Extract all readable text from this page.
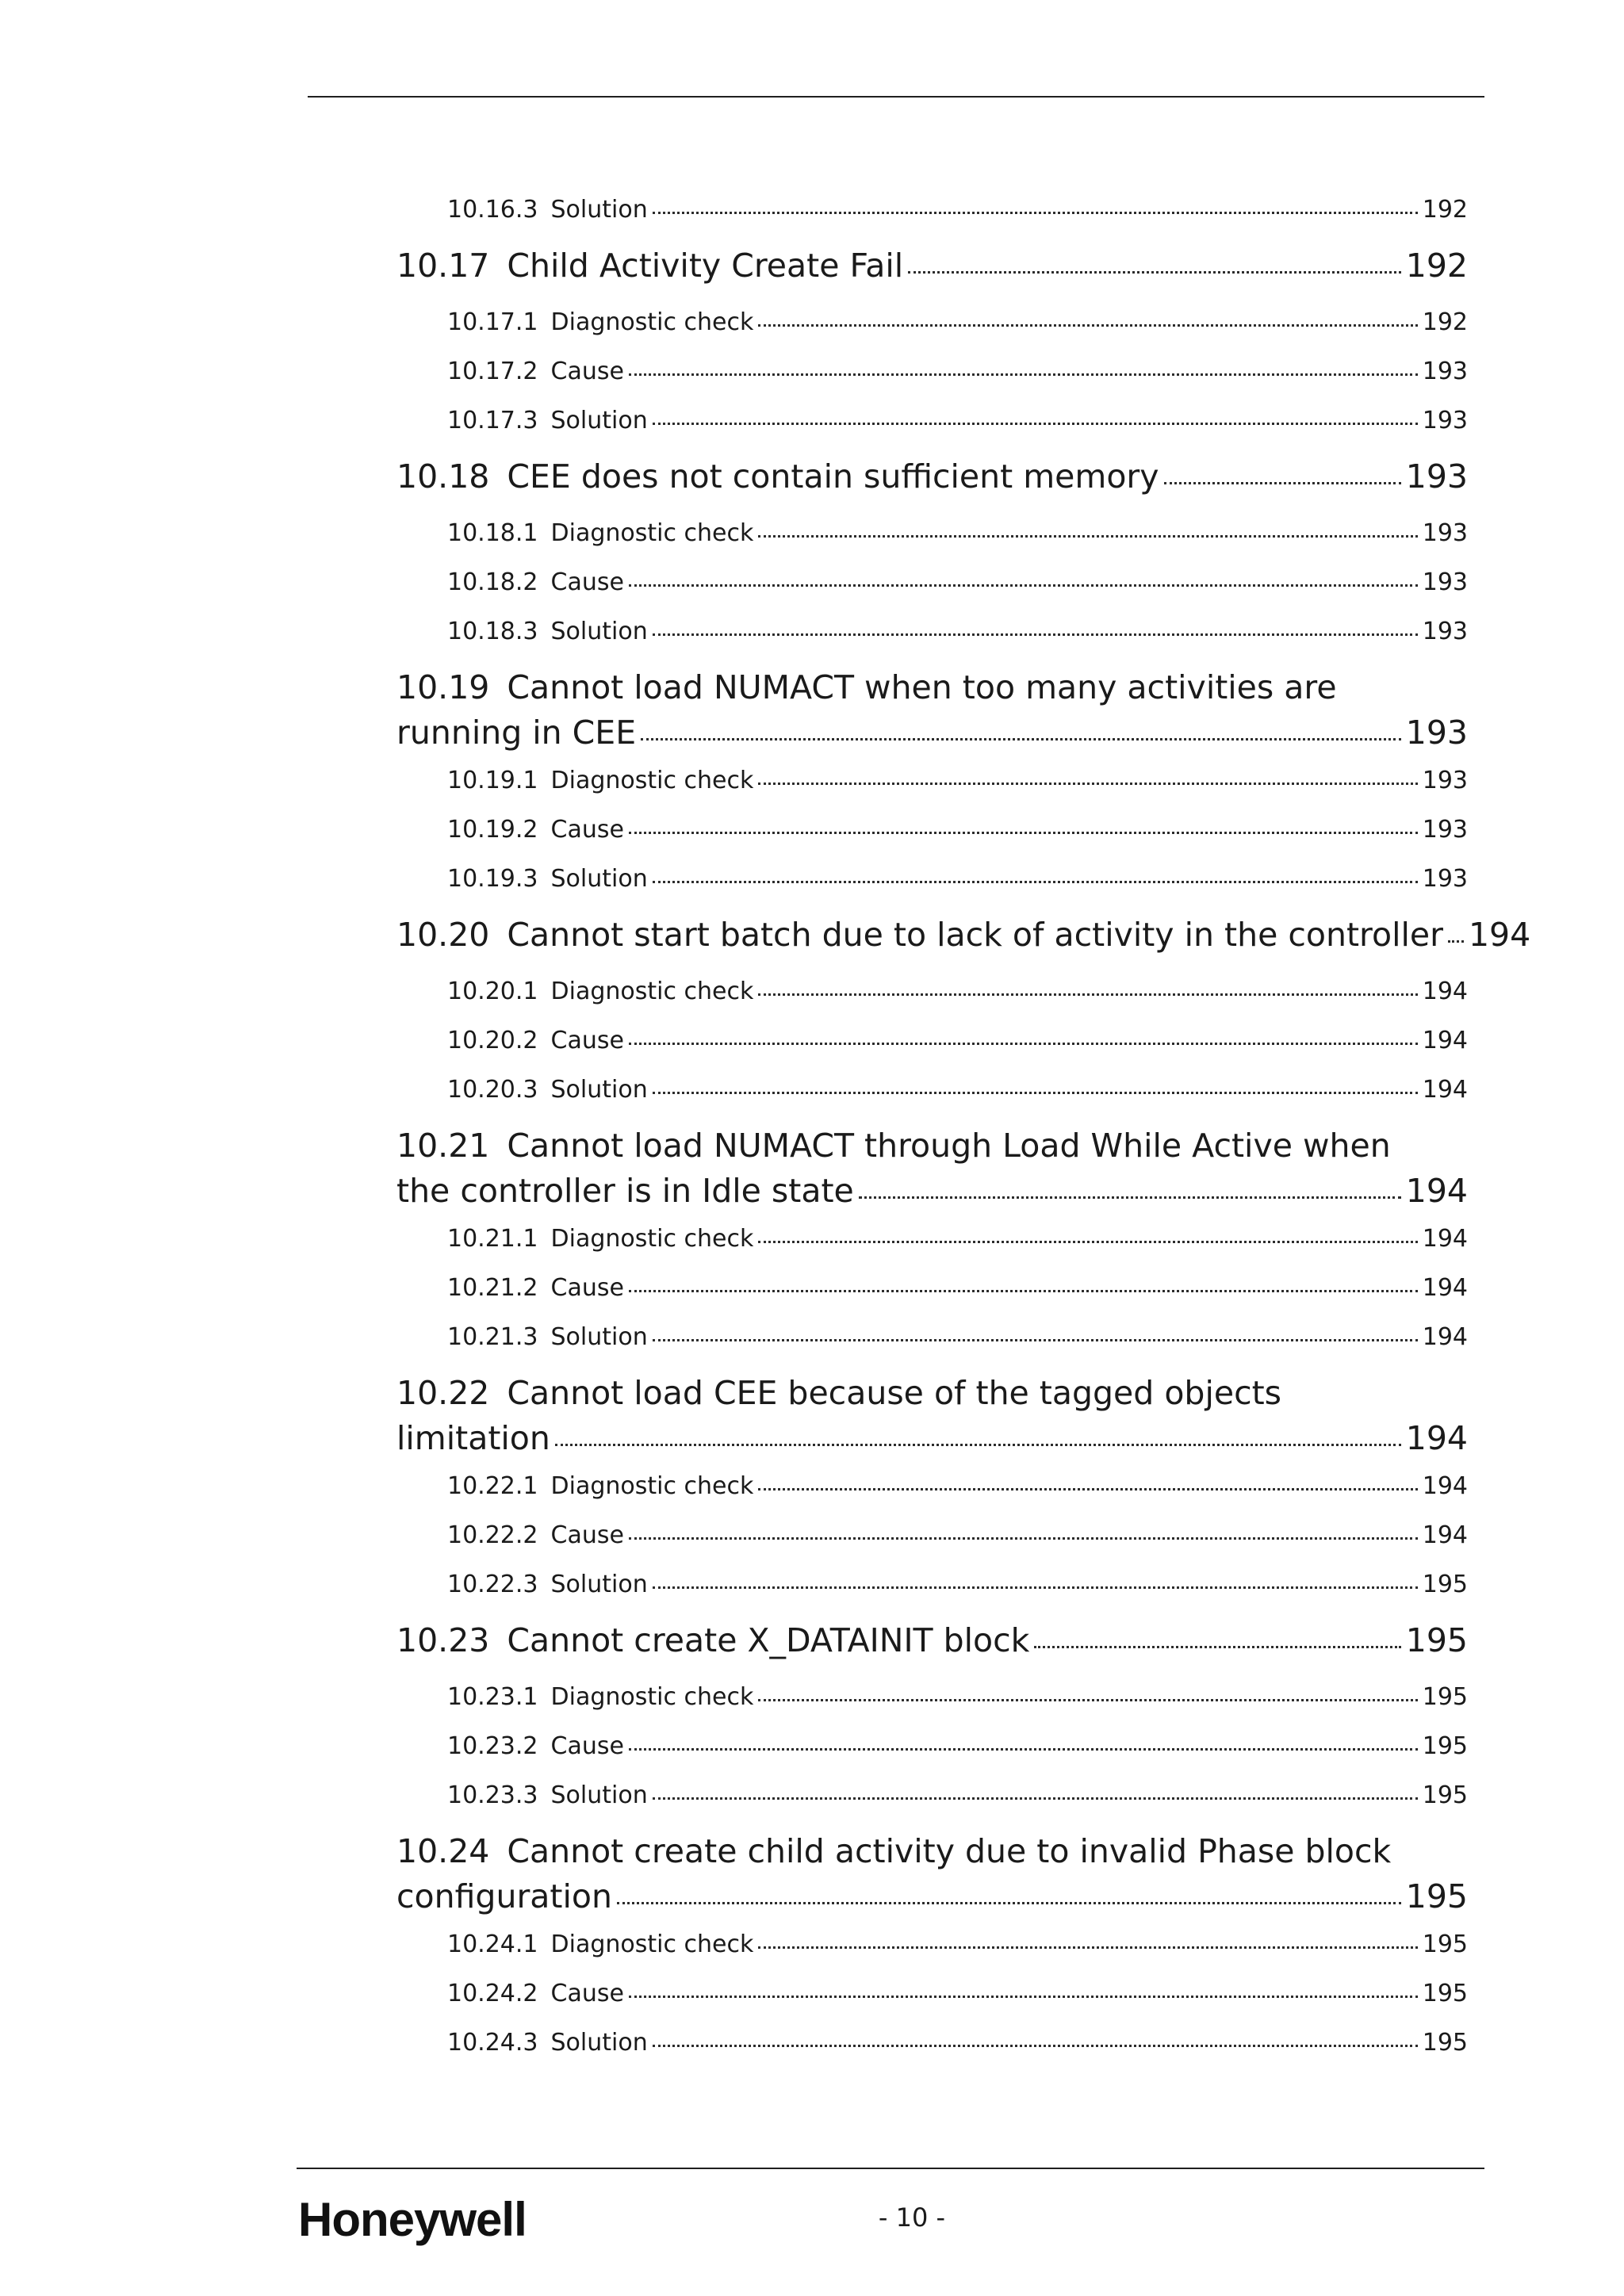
10.16.3 Solution	192
10.17 Child Activity Create Fail	192
10.17.1 Diagnostic check	192
10.17.2 Cause	193
10.17.3 Solution	193
10.18 CEE does not contain sufficient memory	193
10.18.1 Diagnostic check	193
10.18.2 Cause	193
10.18.3 Solution	193
10.19 Cannot load NUMACT when too many activities are
running in CEE	193
10.19.1 Diagnostic check	193
10.19.2 Cause	193
10.19.3 Solution	193
10.20 Cannot start batch due to lack of activity in the controller 194
10.20.1 Diagnostic check	194
10.20.2 Cause	194
10.20.3 Solution	194
10.21 Cannot load NUMACT through Load While Active when
the controller is in Idle state	194
10.21.1 Diagnostic check	194
10.21.2 Cause	194
10.21.3 Solution	194
10.22 Cannot load CEE because of the tagged objects
limitation	194
10.22.1 Diagnostic check	194
10.22.2 Cause	194
10.22.3 Solution	195
10.23 Cannot create X_DATAINIT block	195
10.23.1 Diagnostic check	195
10.23.2 Cause	195
10.23.3 Solution	195
10.24 Cannot create child activity due to invalid Phase block
configuration	195
10.24.1 Diagnostic check	195
10.24.2 Cause	195
10.24.3 Solution	195
Honeywell	- 10 -
